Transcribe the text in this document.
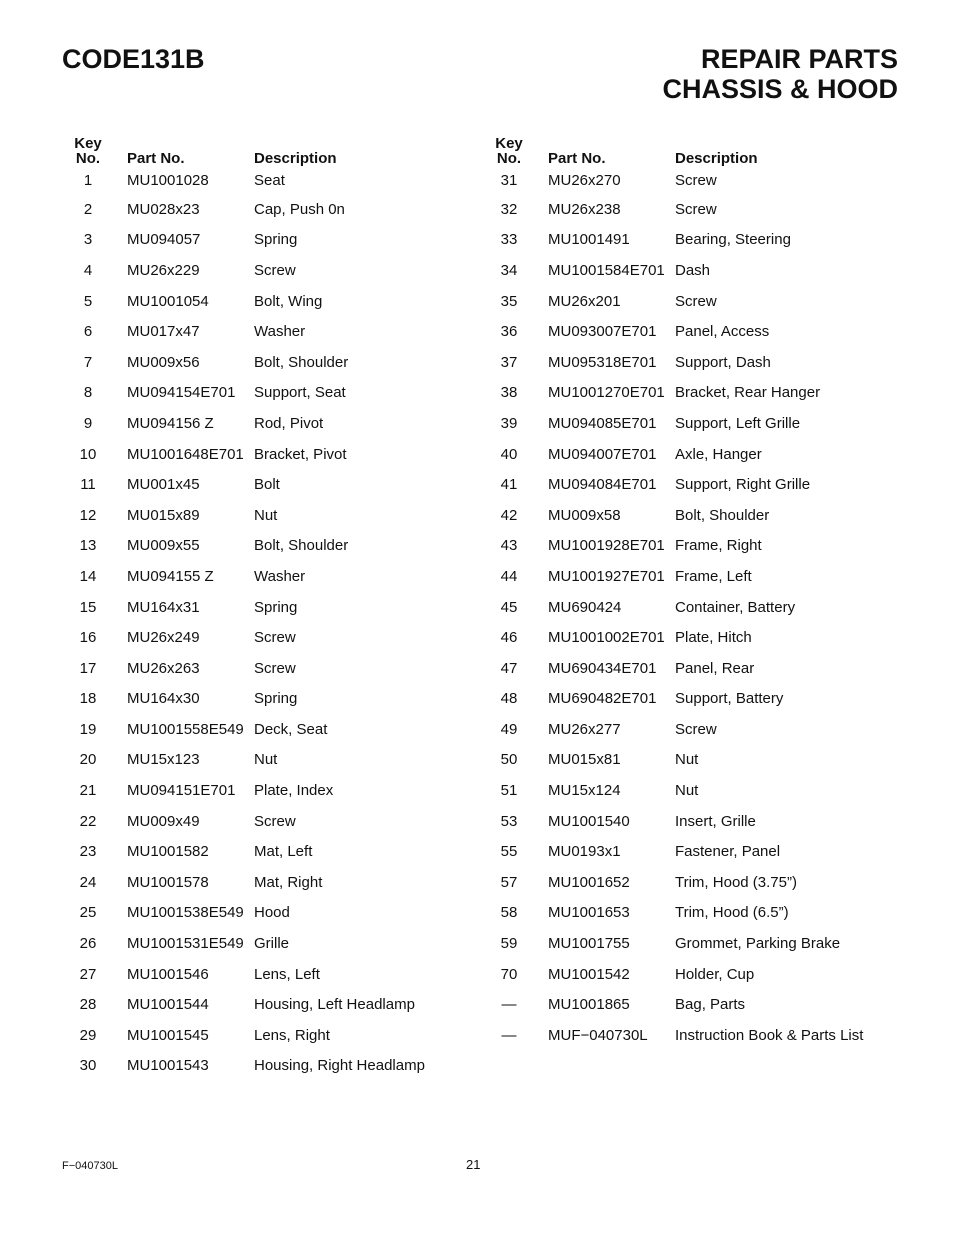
CODE131B	REPAIR PARTS
CHASSIS & HOOD
Key
No.	Part No.	Description
1	MU1001028	Seat
2	MU028x23	Cap, Push 0n
3	MU094057	Spring
4	MU26x229	Screw
5	MU1001054	Bolt, Wing
6	MU017x47	Washer
7	MU009x56	Bolt, Shoulder
8	MU094154E701	Support, Seat
9	MU094156 Z	Rod, Pivot
10	MU1001648E701	Bracket, Pivot
11	MU001x45	Bolt
12	MU015x89	Nut
13	MU009x55	Bolt, Shoulder
14	MU094155 Z	Washer
15	MU164x31	Spring
16	MU26x249	Screw
17	MU26x263	Screw
18	MU164x30	Spring
19	MU1001558E549	Deck, Seat
20	MU15x123	Nut
21	MU094151E701	Plate, Index
22	MU009x49	Screw
23	MU1001582	Mat, Left
24	MU1001578	Mat, Right
25	MU1001538E549	Hood
26	MU1001531E549	Grille
27	MU1001546	Lens, Left
28	MU1001544	Housing, Left Headlamp
29	MU1001545	Lens, Right
30	MU1001543	Housing, Right Headlamp
Key
No.	Part No.	Description
31	MU26x270	Screw
32	MU26x238	Screw
33	MU1001491	Bearing, Steering
34	MU1001584E701	Dash
35	MU26x201	Screw
36	MU093007E701	Panel, Access
37	MU095318E701	Support, Dash
38	MU1001270E701	Bracket, Rear Hanger
39	MU094085E701	Support, Left Grille
40	MU094007E701	Axle, Hanger
41	MU094084E701	Support, Right Grille
42	MU009x58	Bolt, Shoulder
43	MU1001928E701	Frame, Right
44	MU1001927E701	Frame, Left
45	MU690424	Container, Battery
46	MU1001002E701	Plate, Hitch
47	MU690434E701	Panel, Rear
48	MU690482E701	Support, Battery
49	MU26x277	Screw
50	MU015x81	Nut
51	MU15x124	Nut
53	MU1001540	Insert, Grille
55	MU0193x1	Fastener, Panel
57	MU1001652	Trim, Hood (3.75”)
58	MU1001653	Trim, Hood (6.5”)
59	MU1001755	Grommet, Parking Brake
70	MU1001542	Holder, Cup
—	MU1001865	Bag, Parts
—	MUF−040730L	Instruction Book & Parts List
F−040730L	21
